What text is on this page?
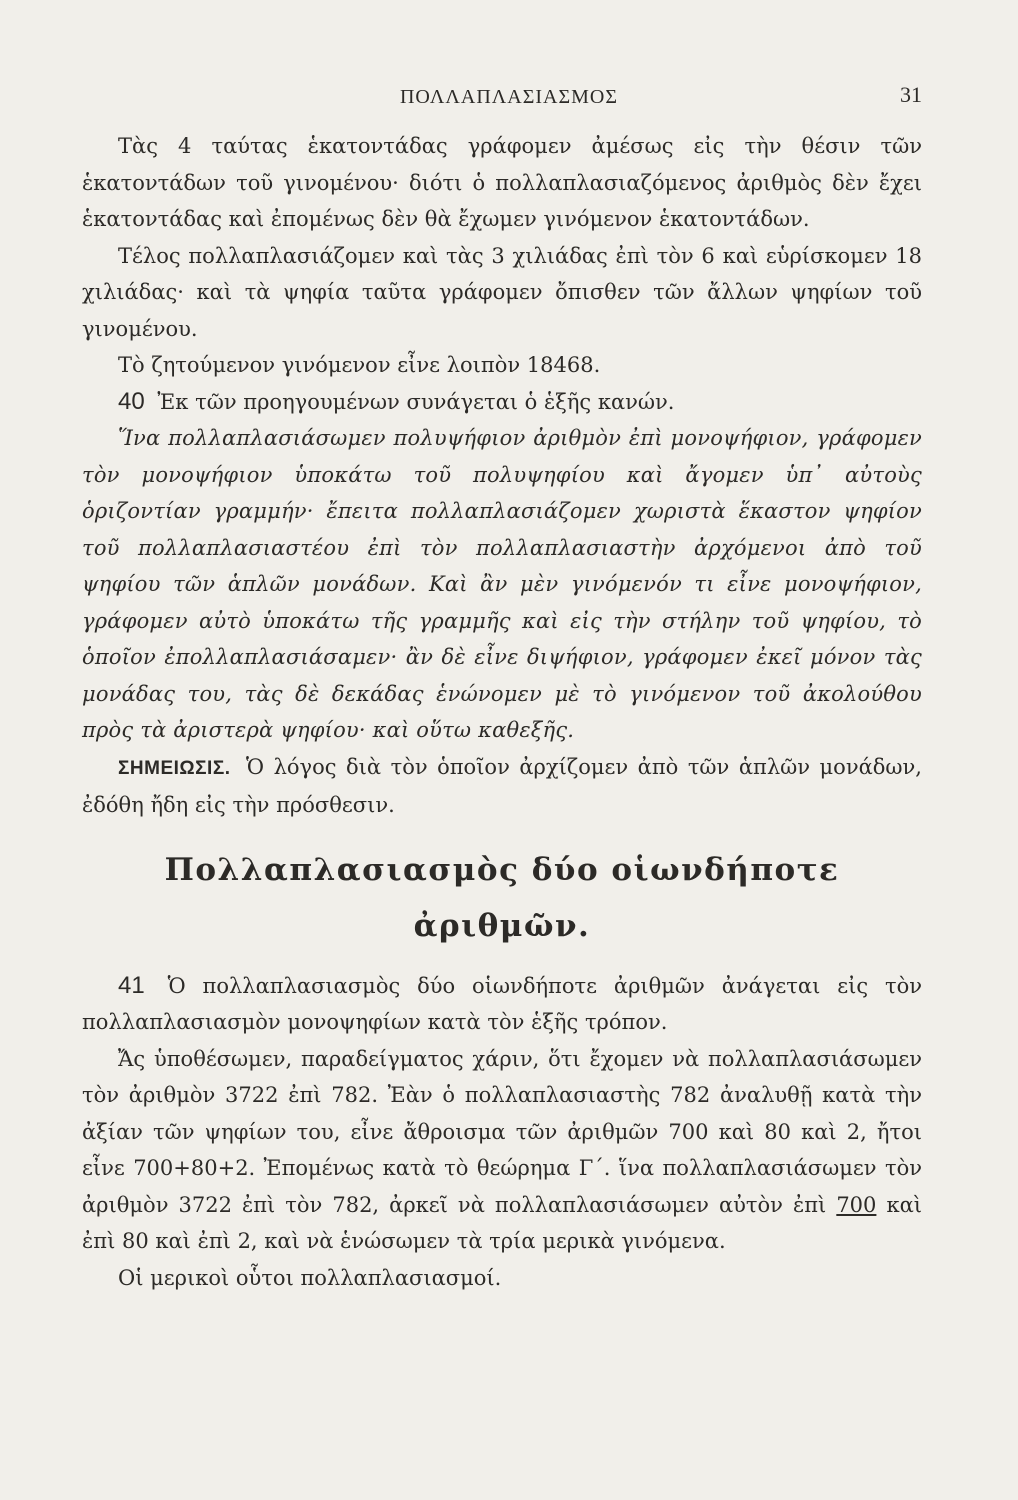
ΠΟΛΛΑΠΛΑΣΙΑΣΜΟΣ	31

Τὰς 4 ταύτας ἑκατοντάδας γράφομεν ἀμέσως εἰς τὴν θέσιν τῶν ἑκατοντάδων τοῦ γινομένου· διότι ὁ πολλαπλασιαζόμενος ἀριθμὸς δὲν ἔχει ἑκατοντάδας καὶ ἐπομένως δὲν θὰ ἔχωμεν γινόμενον ἑκατοντάδων.

Τέλος πολλαπλασιάζομεν καὶ τὰς 3 χιλιάδας ἐπὶ τὸν 6 καὶ εὑρίσκομεν 18 χιλιάδας· καὶ τὰ ψηφία ταῦτα γράφομεν ὄπισθεν τῶν ἄλλων ψηφίων τοῦ γινομένου.

Τὸ ζητούμενον γινόμενον εἶνε λοιπὸν 18468.

40 Ἐκ τῶν προηγουμένων συνάγεται ὁ ἑξῆς κανών.

Ἵνα πολλαπλασιάσωμεν πολυψήφιον ἀριθμὸν ἐπὶ μονοψήφιον, γράφομεν τὸν μονοψήφιον ὑποκάτω τοῦ πολυψηφίου καὶ ἄγομεν ὑπ᾿ αὐτοὺς ὁριζοντίαν γραμμήν· ἔπειτα πολλαπλασιάζομεν χωριστὰ ἕκαστον ψηφίον τοῦ πολλαπλασιαστέου ἐπὶ τὸν πολλαπλασιαστὴν ἀρχόμενοι ἀπὸ τοῦ ψηφίου τῶν ἁπλῶν μονάδων. Καὶ ἂν μὲν γινόμενόν τι εἶνε μονοψήφιον, γράφομεν αὐτὸ ὑποκάτω τῆς γραμμῆς καὶ εἰς τὴν στήλην τοῦ ψηφίου, τὸ ὁποῖον ἐπολλαπλασιάσαμεν· ἂν δὲ εἶνε διψήφιον, γράφομεν ἐκεῖ μόνον τὰς μονάδας του, τὰς δὲ δεκάδας ἑνώνομεν μὲ τὸ γινόμενον τοῦ ἀκολούθου πρὸς τὰ ἀριστερὰ ψηφίου· καὶ οὕτω καθεξῆς.

ΣΗΜΕΙΩΣΙΣ. Ὁ λόγος διὰ τὸν ὁποῖον ἀρχίζομεν ἀπὸ τῶν ἁπλῶν μονάδων, ἐδόθη ἤδη εἰς τὴν πρόσθεσιν.

Πολλαπλασιασμὸς δύο οἱωνδήποτε ἀριθμῶν.

41 Ὁ πολλαπλασιασμὸς δύο οἱωνδήποτε ἀριθμῶν ἀνάγεται εἰς τὸν πολλαπλασιασμὸν μονοψηφίων κατὰ τὸν ἑξῆς τρόπον.

Ἄς ὑποθέσωμεν, παραδείγματος χάριν, ὅτι ἔχομεν νὰ πολλαπλασιάσωμεν τὸν ἀριθμὸν 3722 ἐπὶ 782. Ἐὰν ὁ πολλαπλασιαστὴς 782 ἀναλυθῇ κατὰ τὴν ἀξίαν τῶν ψηφίων του, εἶνε ἄθροισμα τῶν ἀριθμῶν 700 καὶ 80 καὶ 2, ἤτοι εἶνε 700+80+2. Ἐπομένως κατὰ τὸ θεώρημα Γ΄. ἵνα πολλαπλασιάσωμεν τὸν ἀριθμὸν 3722 ἐπὶ τὸν 782, ἀρκεῖ νὰ πολλαπλασιάσωμεν αὐτὸν ἐπὶ 700 καὶ ἐπὶ 80 καὶ ἐπὶ 2, καὶ νὰ ἑνώσωμεν τὰ τρία μερικὰ γινόμενα.

Οἱ μερικοὶ οὗτοι πολλαπλασιασμοί.
